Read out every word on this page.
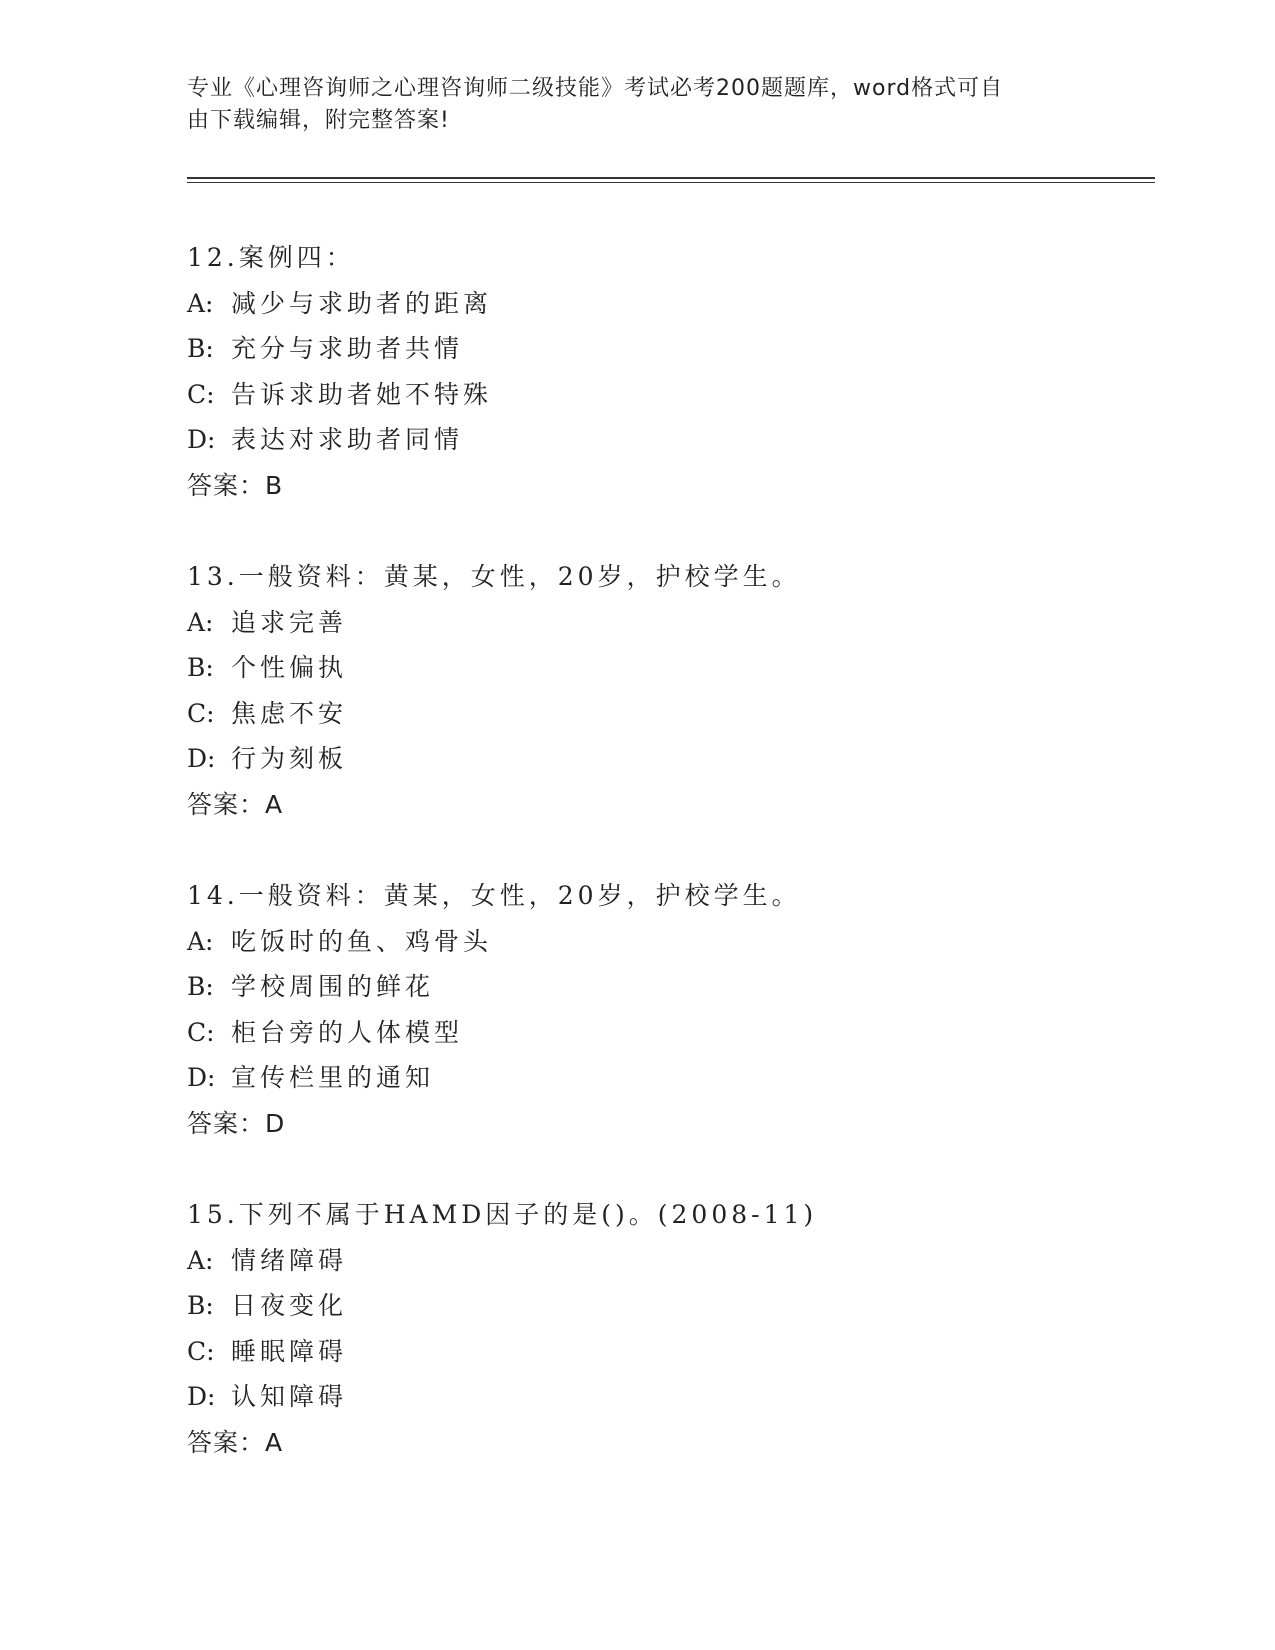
专业《心理咨询师之心理咨询师二级技能》考试必考200题题库，word格式可自
由下载编辑，附完整答案!
12.案例四：
A: 减少与求助者的距离
B: 充分与求助者共情
C: 告诉求助者她不特殊
D: 表达对求助者同情
答案：B
13.一般资料：黄某，女性，20岁，护校学生。
A: 追求完善
B: 个性偏执
C: 焦虑不安
D: 行为刻板
答案：A
14.一般资料：黄某，女性，20岁，护校学生。
A: 吃饭时的鱼、鸡骨头
B: 学校周围的鲜花
C: 柜台旁的人体模型
D: 宣传栏里的通知
答案：D
15.下列不属于HAMD因子的是()。(2008-11)
A: 情绪障碍
B: 日夜变化
C: 睡眠障碍
D: 认知障碍
答案：A
